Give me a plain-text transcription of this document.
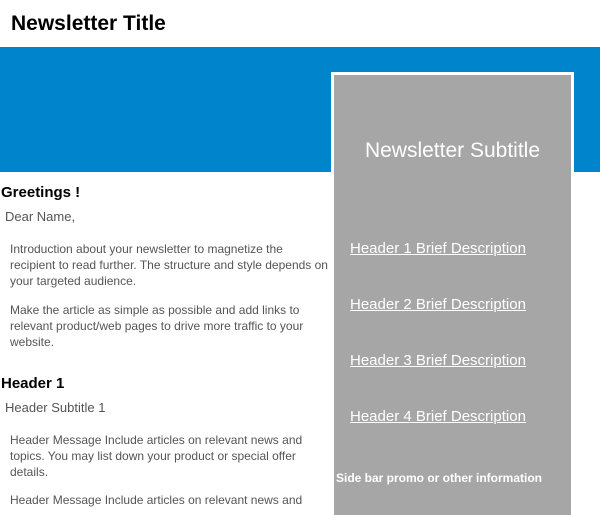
Newsletter Title
Greetings !
Dear Name,
Introduction about your newsletter to magnetize the recipient to read further. The structure and style depends on your targeted audience.
Make the article as simple as possible and add links to relevant product/web pages to drive more traffic to your website.
Header 1
Header Subtitle 1
Header Message Include articles on relevant news and topics. You may list down your product or special offer details.
Header Message Include articles on relevant news and
Newsletter Subtitle
Header 1 Brief Description
Header 2 Brief Description
Header 3 Brief Description
Header 4 Brief Description
Side bar promo or other information
